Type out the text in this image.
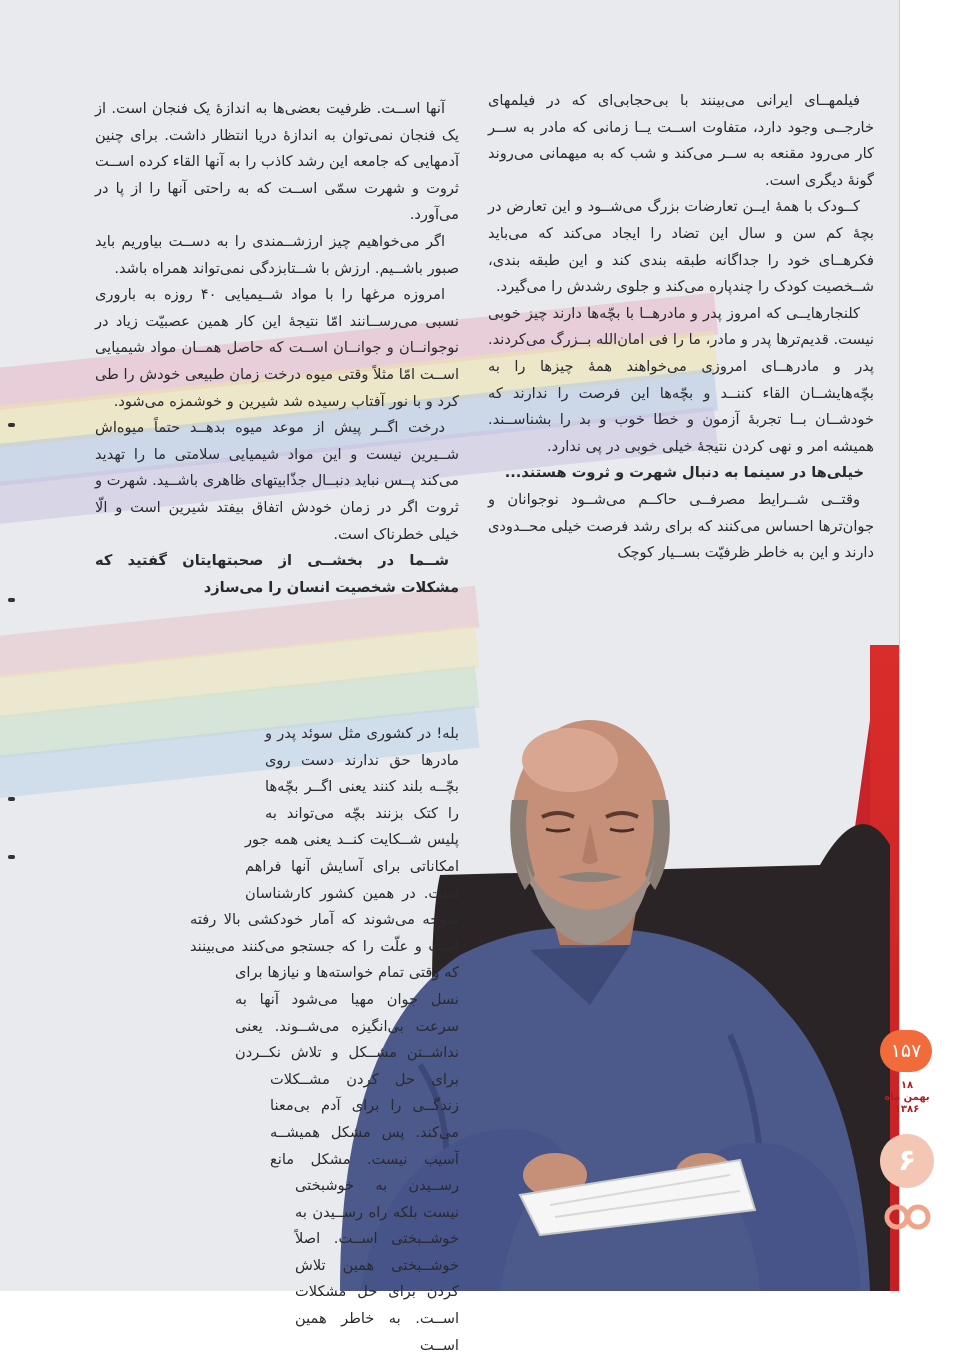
فیلمهــای ایرانی می‌بینند با بی‌حجابی‌ای که در فیلمهای خارجــی وجود دارد، متفاوت اســت یــا زمانی که مادر به ســر کار می‌رود مقنعه به ســر می‌کند و شب که به میهمانی می‌روند گونهٔ دیگری است.

کــودک با همهٔ ایــن تعارضات بزرگ می‌شــود و این تعارض در بچهٔ کم سن و سال این تضاد را ایجاد می‌کند که می‌باید فکرهــای خود را جداگانه طبقه بندی کند و این طبقه بندی، شــخصیت کودک را چندپاره می‌کند و جلوی رشدش را می‌گیرد.

کلنجارهایــی که امروز پدر و مادرهــا با بچّه‌ها دارند چیز خوبی نیست. قدیم‌ترها پدر و مادر، ما را فی امان‌الله بــزرگ می‌کردند. پدر و مادرهــای امروزی می‌خواهند همهٔ چیزها را به بچّه‌هایشــان القاء کننــد و بچّه‌ها این فرصت را ندارند که خودشــان بــا تجربهٔ آزمون و خطا خوب و بد را بشناســند. همیشه امر و نهی کردن نتیجهٔ خیلی خوبی در پی ندارد.

خیلی‌ها در سینما به دنبال شهرت و ثروت هستند...

وقتــی شــرایط مصرفــی حاکــم می‌شــود نوجوانان و جوان‌ترها احساس می‌کنند که برای رشد فرصت خیلی محــدودی دارند و این به خاطر ظرفیّت بســیار کوچک

آنها اســت. ظرفیت بعضی‌ها به اندازهٔ یک فنجان است. از یک فنجان نمی‌توان به اندازهٔ دریا انتظار داشت. برای چنین آدمهایی که جامعه این رشد کاذب را به آنها القاء کرده اســت ثروت و شهرت سمّی اســت که به راحتی آنها را از پا در می‌آورد.

اگر می‌خواهیم چیز ارزشــمندی را به دســت بیاوریم باید صبور باشــیم. ارزش با شــتابزدگی نمی‌تواند همراه باشد.

امروزه مرغها را با مواد شــیمیایی ۴۰ روزه به باروری نسبی می‌رســانند امّا نتیجهٔ این کار همین عصبیّت زیاد در نوجوانــان و جوانــان اســت که حاصل همــان مواد شیمیایی اســت امّا مثلاً وقتی میوه درخت زمان طبیعی خودش را طی کرد و با نور آفتاب رسیده شد شیرین و خوشمزه می‌شود.

درخت اگــر پیش از موعد میوه بدهــد حتماً میوه‌اش شــیرین نیست و این مواد شیمیایی سلامتی ما را تهدید می‌کند پــس نباید دنبــال جذّابیتهای ظاهری باشــید. شهرت و ثروت اگر در زمان خودش اتفاق بیفتد شیرین است و الّا خیلی خطرناک است.

شــما در بخشــی از صحبتهایتان گفتید که مشکلات شخصیت انسان را می‌سازد

بله! در کشوری مثل سوئد پدر و مادرها حق ندارند دست روی بچّــه بلند کنند یعنی اگــر بچّه‌ها را کتک بزنند بچّه می‌تواند به پلیس شــکایت کنــد یعنی همه جور امکاناتی برای آسایش آنها فراهم است. در همین کشور کارشناسان متوجه می‌شوند که آمار خودکشی بالا رفته است و علّت را که جستجو می‌کنند می‌بینند که وقتی تمام خواسته‌ها و نیازها برای نسل جوان مهیا می‌شود آنها به سرعت بی‌انگیزه می‌شــوند. یعنی نداشــتن مشــکل و تلاش نکــردن برای حل کردن مشــکلات زندگــی را برای آدم بی‌معنا می‌کند. پس مشکل همیشــه آسیب نیست. مشکل مانع رســیدن به خوشبختی نیست بلکه راه رســیدن به خوشــبختی اســت. اصلاً خوشــبختی همین تلاش کردن برای حل مشکلات اســت. به خاطر همین اســت

۱۵۷
۱۸
بهمن ماه
۱۳۸۶
۶
